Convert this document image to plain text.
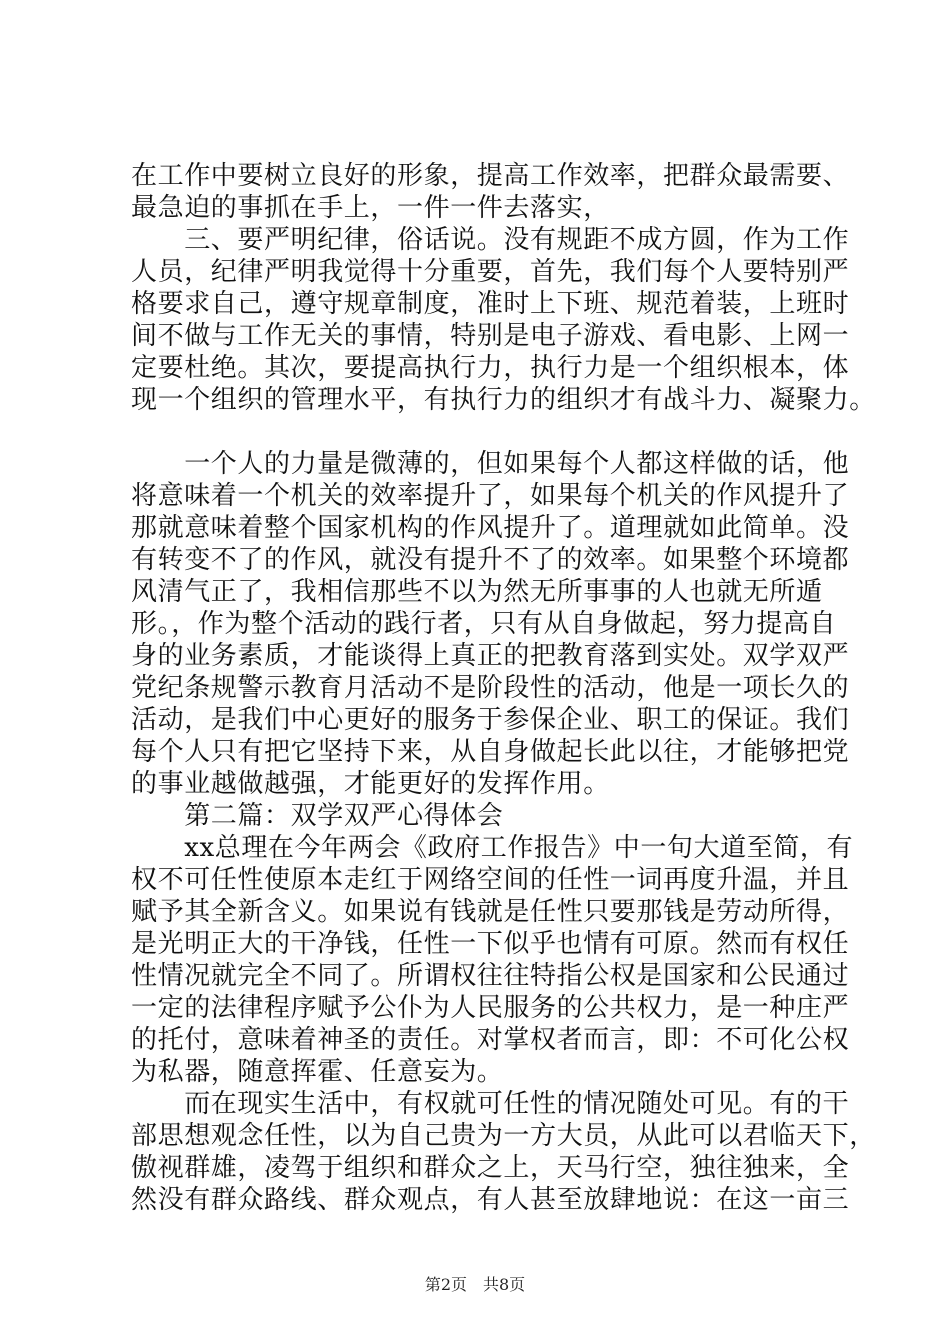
在工作中要树立良好的形象，提高工作效率，把群众最需要、
最急迫的事抓在手上，一件一件去落实，
　　三、要严明纪律，俗话说。没有规距不成方圆，作为工作
人员，纪律严明我觉得十分重要，首先，我们每个人要特别严
格要求自己，遵守规章制度，准时上下班、规范着装，上班时
间不做与工作无关的事情，特别是电子游戏、看电影、上网一
定要杜绝。其次，要提高执行力，执行力是一个组织根本，体
现一个组织的管理水平，有执行力的组织才有战斗力、凝聚力。
　　一个人的力量是微薄的，但如果每个人都这样做的话，他
将意味着一个机关的效率提升了，如果每个机关的作风提升了
那就意味着整个国家机构的作风提升了。道理就如此简单。没
有转变不了的作风，就没有提升不了的效率。如果整个环境都
风清气正了，我相信那些不以为然无所事事的人也就无所遁
形。，作为整个活动的践行者，只有从自身做起，努力提高自
身的业务素质，才能谈得上真正的把教育落到实处。双学双严
党纪条规警示教育月活动不是阶段性的活动，他是一项长久的
活动，是我们中心更好的服务于参保企业、职工的保证。我们
每个人只有把它坚持下来，从自身做起长此以往，才能够把党
的事业越做越强，才能更好的发挥作用。
　　第二篇：双学双严心得体会
　　xx总理在今年两会《政府工作报告》中一句大道至简，有
权不可任性使原本走红于网络空间的任性一词再度升温，并且
赋予其全新含义。如果说有钱就是任性只要那钱是劳动所得，
是光明正大的干净钱，任性一下似乎也情有可原。然而有权任
性情况就完全不同了。所谓权往往特指公权是国家和公民通过
一定的法律程序赋予公仆为人民服务的公共权力，是一种庄严
的托付，意味着神圣的责任。对掌权者而言，即：不可化公权
为私器，随意挥霍、任意妄为。
　　而在现实生活中，有权就可任性的情况随处可见。有的干
部思想观念任性，以为自己贵为一方大员，从此可以君临天下，
傲视群雄，凌驾于组织和群众之上，天马行空，独往独来，全
然没有群众路线、群众观点，有人甚至放肆地说：在这一亩三
第2页　共8页
